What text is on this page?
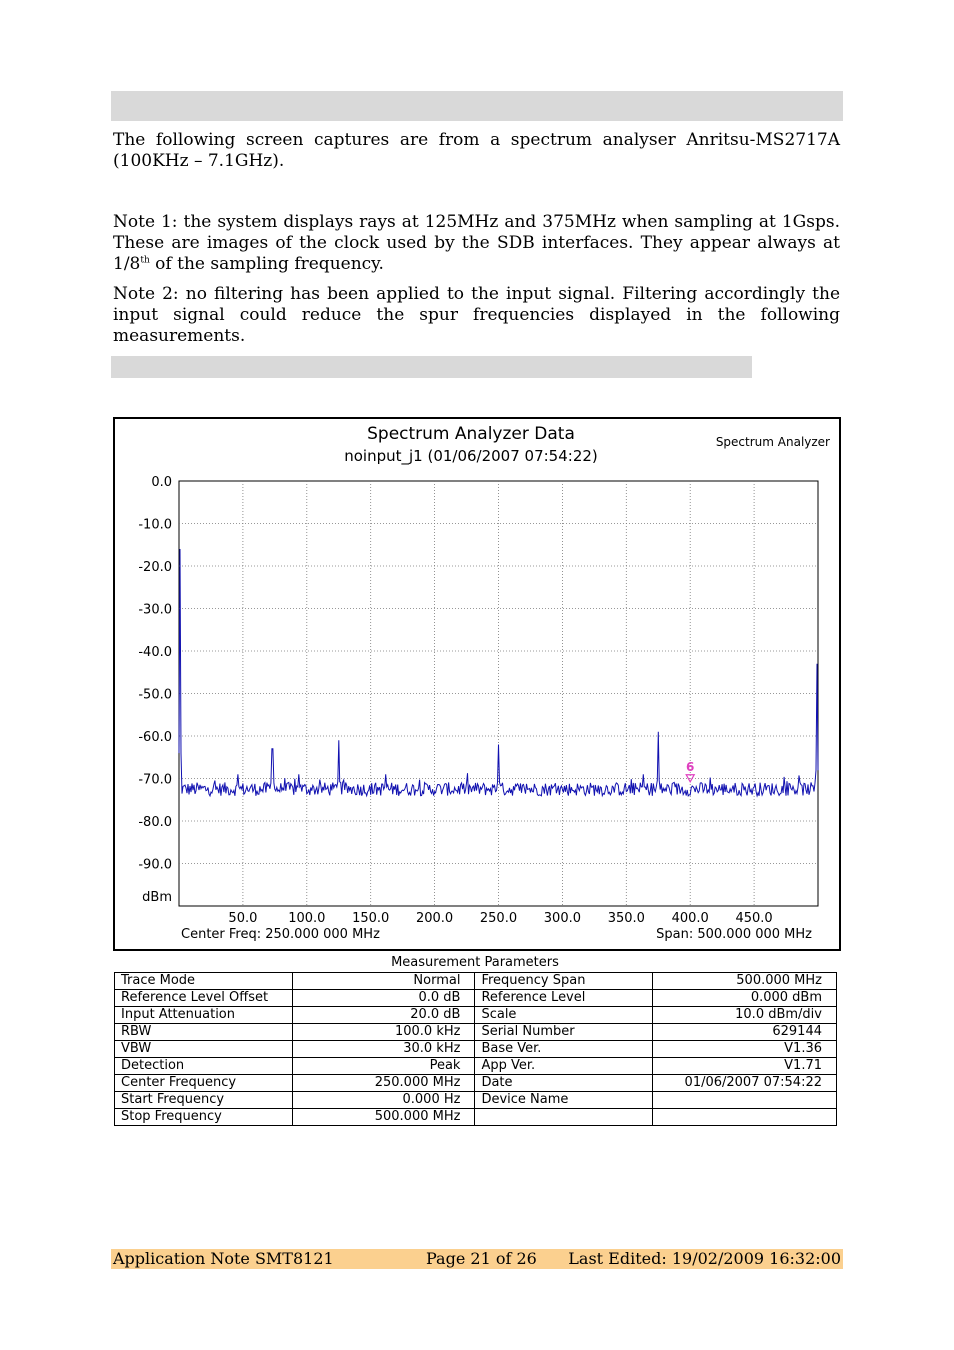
The following screen captures are from a spectrum analyser Anritsu-MS2717A (100KHz – 7.1GHz).
Note 1: the system displays rays at 125MHz and 375MHz when sampling at 1Gsps. These are images of the clock used by the SDB interfaces. They appear always at 1/8th of the sampling frequency.
Note 2: no filtering has been applied to the input signal. Filtering accordingly the input signal could reduce the spur frequencies displayed in the following measurements.
Spectrum Analyzer Data
noinput_j1 (01/06/2007 07:54:22)
Spectrum Analyzer
0.0
-10.0
-20.0
-30.0
-40.0
-50.0
-60.0
-70.0
-80.0
-90.0
50.0 100.0 150.0 200.0 250.0 300.0 350.0 400.0 450.0
dBm
6
Center Freq: 250.000 000 MHz	Span: 500.000 000 MHz
Measurement Parameters
Trace Mode	Normal	Frequency Span	500.000 MHz
Reference Level Offset	0.0 dB	Reference Level	0.000 dBm
Input Attenuation	20.0 dB	Scale	10.0 dBm/div
RBW	100.0 kHz	Serial Number	629144
VBW	30.0 kHz	Base Ver.	V1.36
Detection	Peak	App Ver.	V1.71
Center Frequency	250.000 MHz	Date	01/06/2007 07:54:22
Start Frequency	0.000 Hz	Device Name	
Stop Frequency	500.000 MHz		
Application Note SMT8121	Page 21 of 26 Last Edited: 19/02/2009 16:32:00
